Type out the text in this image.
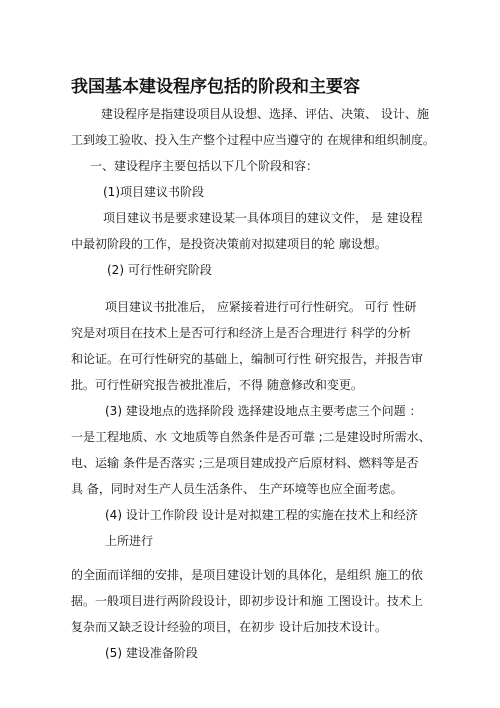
我国基本建设程序包括的阶段和主要容
建设程序是指建设项目从设想、选择、评估、决策、 设计、施
工到竣工验收、投入生产整个过程中应当遵守的 在规律和组织制度。
一、建设程序主要包括以下几个阶段和容：
(1)项目建议书阶段
项目建议书是要求建设某一具体项目的建议文件， 是 建设程
中最初阶段的工作，是投资决策前对拟建项目的轮 廓设想。
(2) 可行性研究阶段
项目建议书批准后， 应紧接着进行可行性研究。 可行 性研
究是对项目在技术上是否可行和经济上是否合理进行 科学的分析
和论证。在可行性研究的基础上，编制可行性 研究报告，并报告审
批。可行性研究报告被批准后，不得 随意修改和变更。
(3) 建设地点的选择阶段 选择建设地点主要考虑三个问题 ：
一是工程地质、水 文地质等自然条件是否可靠 ;二是建设时所需水、
电、运输 条件是否落实 ;三是项目建成投产后原材料、燃料等是否
具 备，同时对生产人员生活条件、 生产环境等也应全面考虑。
(4) 设计工作阶段 设计是对拟建工程的实施在技术上和经济
上所进行
的全面而详细的安排，是项目建设计划的具体化，是组织 施工的依
据。一般项目进行两阶段设计，即初步设计和施 工图设计。技术上
复杂而又缺乏设计经验的项目，在初步 设计后加技术设计。
(5) 建设准备阶段
